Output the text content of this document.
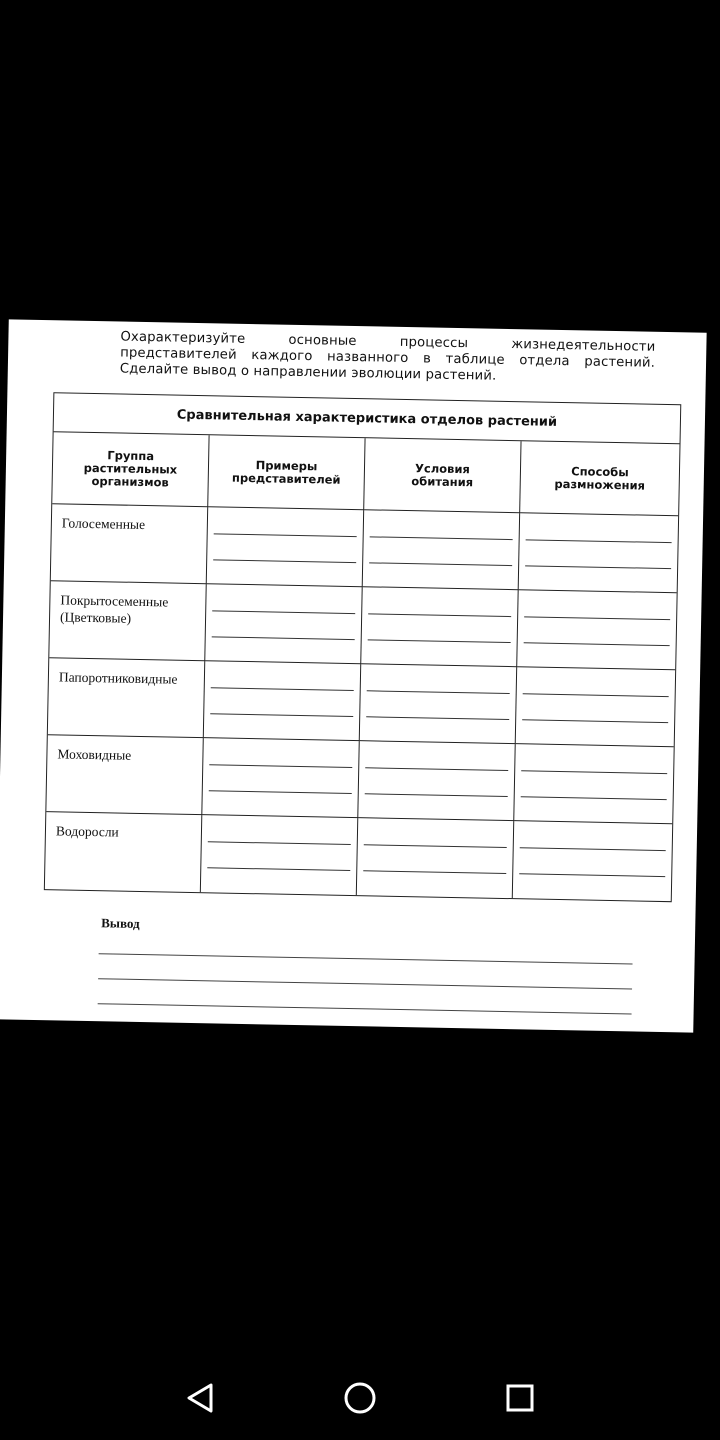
Охарактеризуйте основные процессы жизнедеятельности представителей каждого названного в таблице отдела растений. Сделайте вывод о направлении эволюции растений.
Сравнительная характеристика отделов растений
Группа
растительных
организмов
Примеры
представителей
Условия
обитания
Способы
размножения
Голосеменные
Покрытосеменные
(Цветковые)
Папоротниковидные
Моховидные
Водоросли
Вывод
